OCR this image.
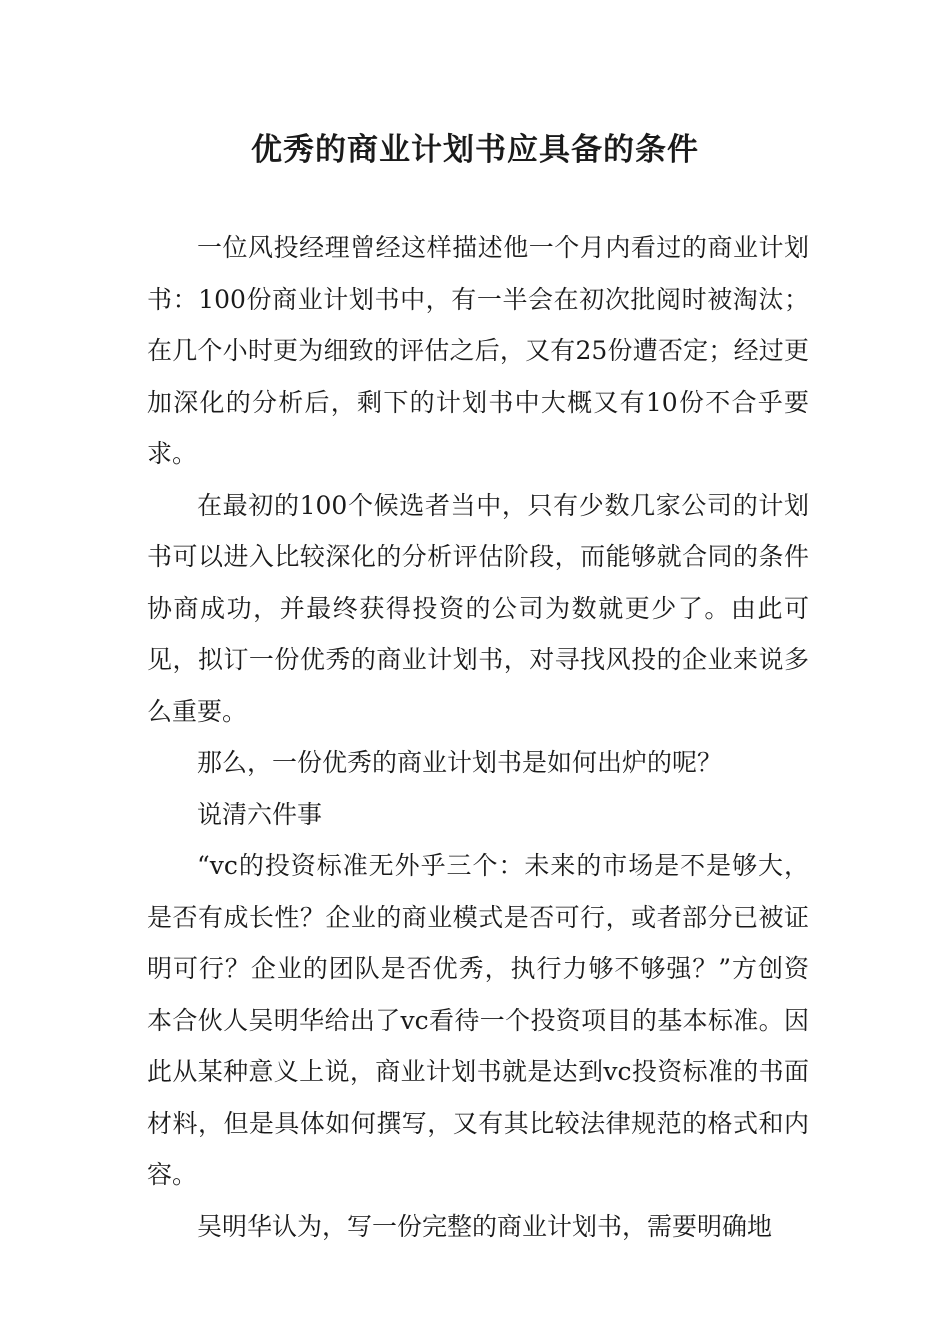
优秀的商业计划书应具备的条件

一位风投经理曾经这样描述他一个月内看过的商业计划书：100份商业计划书中，有一半会在初次批阅时被淘汰；在几个小时更为细致的评估之后，又有25份遭否定；经过更加深化的分析后，剩下的计划书中大概又有10份不合乎要求。

在最初的100个候选者当中，只有少数几家公司的计划书可以进入比较深化的分析评估阶段，而能够就合同的条件协商成功，并最终获得投资的公司为数就更少了。由此可见，拟订一份优秀的商业计划书，对寻找风投的企业来说多么重要。

那么，一份优秀的商业计划书是如何出炉的呢？

说清六件事

“vc的投资标准无外乎三个：未来的市场是不是够大，是否有成长性？企业的商业模式是否可行，或者部分已被证明可行？企业的团队是否优秀，执行力够不够强？”方创资本合伙人吴明华给出了vc看待一个投资项目的基本标准。因此从某种意义上说，商业计划书就是达到vc投资标准的书面材料，但是具体如何撰写，又有其比较法律规范的格式和内容。

吴明华认为，写一份完整的商业计划书，需要明确地
